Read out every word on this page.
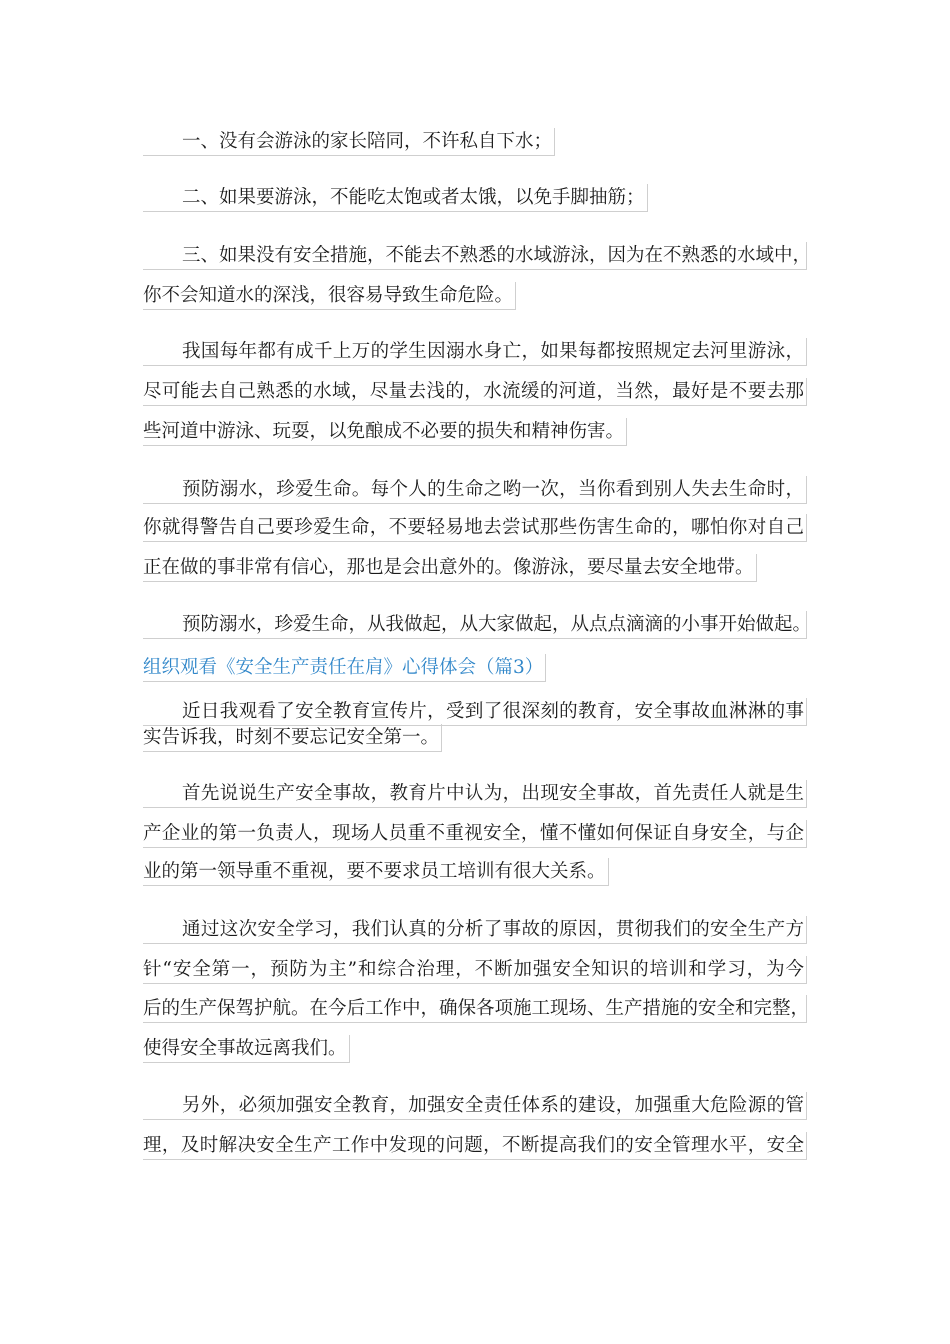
一、没有会游泳的家长陪同，不许私自下水；
二、如果要游泳，不能吃太饱或者太饿，以免手脚抽筋；
三、如果没有安全措施，不能去不熟悉的水域游泳，因为在不熟悉的水域中，
你不会知道水的深浅，很容易导致生命危险。
我国每年都有成千上万的学生因溺水身亡，如果每都按照规定去河里游泳，
尽可能去自己熟悉的水域，尽量去浅的，水流缓的河道，当然，最好是不要去那
些河道中游泳、玩耍，以免酿成不必要的损失和精神伤害。
预防溺水，珍爱生命。每个人的生命之哟一次，当你看到别人失去生命时，
你就得警告自己要珍爱生命，不要轻易地去尝试那些伤害生命的，哪怕你对自己
正在做的事非常有信心，那也是会出意外的。像游泳，要尽量去安全地带。
预防溺水，珍爱生命，从我做起，从大家做起，从点点滴滴的小事开始做起。
组织观看《安全生产责任在肩》心得体会（篇3）
近日我观看了安全教育宣传片，受到了很深刻的教育，安全事故血淋淋的事
实告诉我，时刻不要忘记安全第一。
首先说说生产安全事故，教育片中认为，出现安全事故，首先责任人就是生
产企业的第一负责人，现场人员重不重视安全，懂不懂如何保证自身安全，与企
业的第一领导重不重视，要不要求员工培训有很大关系。
通过这次安全学习，我们认真的分析了事故的原因，贯彻我们的安全生产方
针“安全第一，预防为主”和综合治理，不断加强安全知识的培训和学习，为今
后的生产保驾护航。在今后工作中，确保各项施工现场、生产措施的安全和完整，
使得安全事故远离我们。
另外，必须加强安全教育，加强安全责任体系的建设，加强重大危险源的管
理，及时解决安全生产工作中发现的问题，不断提高我们的安全管理水平，安全
